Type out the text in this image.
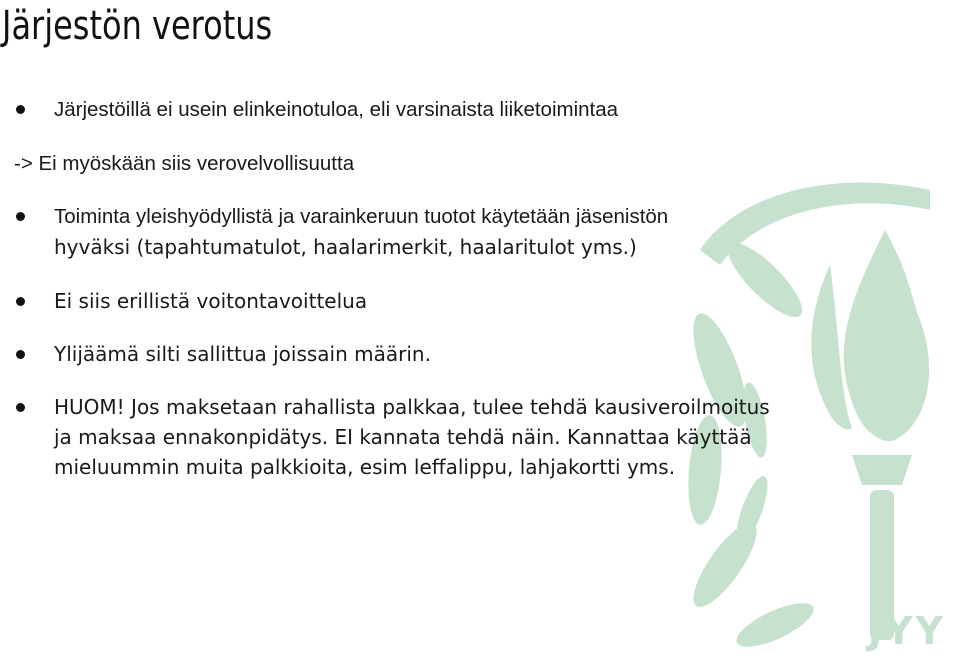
JYY
Järjestön verotus
Järjestöillä ei usein elinkeinotuloa, eli varsinaista liiketoimintaa
-> Ei myöskään siis verovelvollisuutta
Toiminta yleishyödyllistä ja varainkeruun tuotot käytetään jäsenistön
hyväksi (tapahtumatulot, haalarimerkit, haalaritulot yms.)
Ei siis erillistä voitontavoittelua
Ylijäämä silti sallittua joissain määrin.
HUOM! Jos maksetaan rahallista palkkaa, tulee tehdä kausiveroilmoitus
ja maksaa ennakonpidätys. EI kannata tehdä näin. Kannattaa käyttää
mieluummin muita palkkioita, esim leffalippu, lahjakortti yms.
